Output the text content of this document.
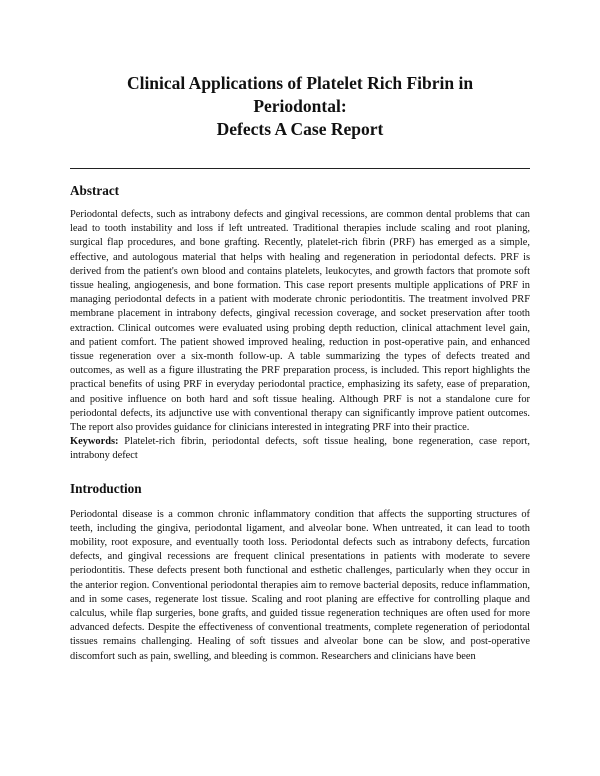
Clinical Applications of Platelet Rich Fibrin in Periodontal:
Defects A Case Report
Abstract

Periodontal defects, such as intrabony defects and gingival recessions, are common dental problems that can lead to tooth instability and loss if left untreated. Traditional therapies include scaling and root planing, surgical flap procedures, and bone grafting. Recently, platelet-rich fibrin (PRF) has emerged as a simple, effective, and autologous material that helps with healing and regeneration in periodontal defects. PRF is derived from the patient's own blood and contains platelets, leukocytes, and growth factors that promote soft tissue healing, angiogenesis, and bone formation. This case report presents multiple applications of PRF in managing periodontal defects in a patient with moderate chronic periodontitis. The treatment involved PRF membrane placement in intrabony defects, gingival recession coverage, and socket preservation after tooth extraction. Clinical outcomes were evaluated using probing depth reduction, clinical attachment level gain, and patient comfort. The patient showed improved healing, reduction in post-operative pain, and enhanced tissue regeneration over a six-month follow-up. A table summarizing the types of defects treated and outcomes, as well as a figure illustrating the PRF preparation process, is included. This report highlights the practical benefits of using PRF in everyday periodontal practice, emphasizing its safety, ease of preparation, and positive influence on both hard and soft tissue healing. Although PRF is not a standalone cure for periodontal defects, its adjunctive use with conventional therapy can significantly improve patient outcomes. The report also provides guidance for clinicians interested in integrating PRF into their practice.

Keywords: Platelet-rich fibrin, periodontal defects, soft tissue healing, bone regeneration, case report, intrabony defect

Introduction

Periodontal disease is a common chronic inflammatory condition that affects the supporting structures of teeth, including the gingiva, periodontal ligament, and alveolar bone. When untreated, it can lead to tooth mobility, root exposure, and eventually tooth loss. Periodontal defects such as intrabony defects, furcation defects, and gingival recessions are frequent clinical presentations in patients with moderate to severe periodontitis. These defects present both functional and esthetic challenges, particularly when they occur in the anterior region. Conventional periodontal therapies aim to remove bacterial deposits, reduce inflammation, and in some cases, regenerate lost tissue. Scaling and root planing are effective for controlling plaque and calculus, while flap surgeries, bone grafts, and guided tissue regeneration techniques are often used for more advanced defects. Despite the effectiveness of conventional treatments, complete regeneration of periodontal tissues remains challenging. Healing of soft tissues and alveolar bone can be slow, and post-operative discomfort such as pain, swelling, and bleeding is common. Researchers and clinicians have been
